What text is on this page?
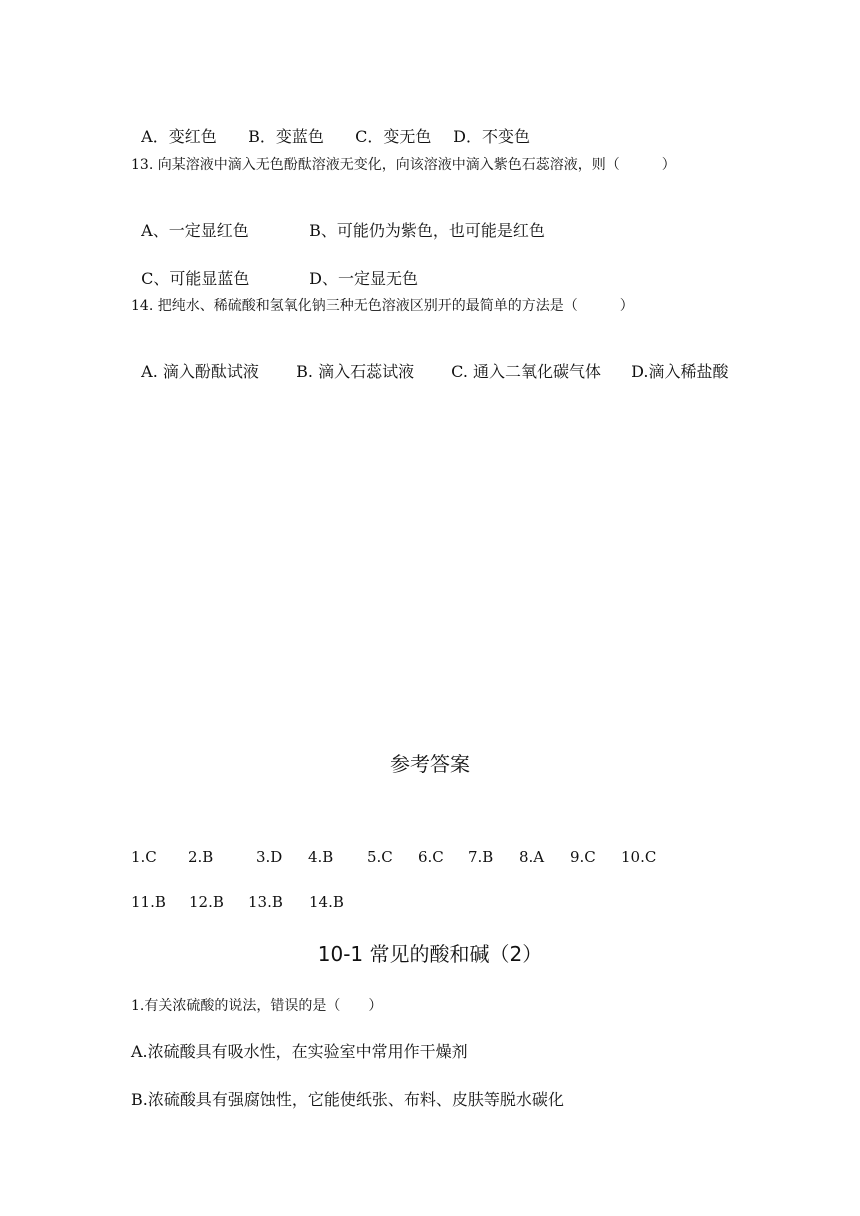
A．变红色 B．变蓝色 C．变无色 D．不变色

13. 向某溶液中滴入无色酚酞溶液无变化，向该溶液中滴入紫色石蕊溶液，则（　　　）

A、一定显红色	B、可能仍为紫色，也可能是红色

C、可能显蓝色	D、一定显无色

14. 把纯水、稀硫酸和氢氧化钠三种无色溶液区别开的最简单的方法是（　　　）

A. 滴入酚酞试液 B. 滴入石蕊试液 C. 通入二氧化碳气体 D.滴入稀盐酸

参考答案
1.C 2.B	3.D 4.B 5.C 6.C 7.B 8.A 9.C 10.C
11.B 12.B 13.B 14.B
10-1 常见的酸和碱（2）
1.有关浓硫酸的说法，错误的是（　　）
A.浓硫酸具有吸水性，在实验室中常用作干燥剂
B.浓硫酸具有强腐蚀性，它能使纸张、布料、皮肤等脱水碳化
